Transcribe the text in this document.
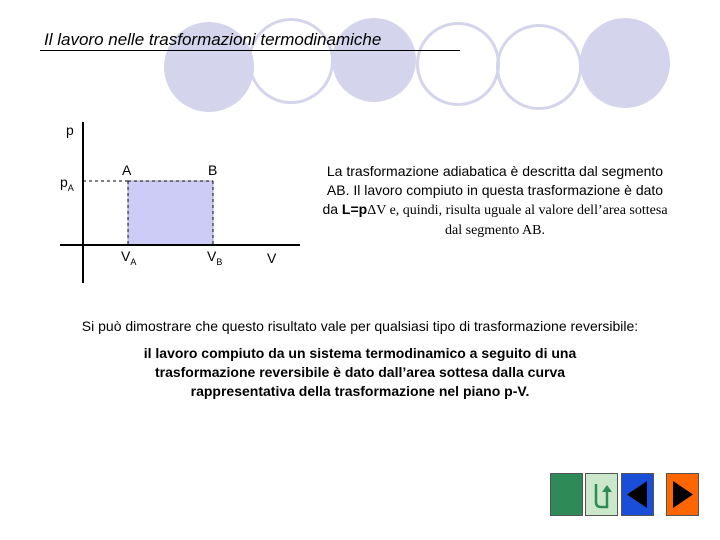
Il lavoro nelle trasformazioni termodinamiche
p
$p_A$
A	B
$V_A$	$V_B$	V
La trasformazione adiabatica è descritta dal segmento AB. Il lavoro compiuto in questa trasformazione è dato da L=pΔV e, quindi, risulta uguale al valore dell’area sottesa dal segmento AB.
Si può dimostrare che questo risultato vale per qualsiasi tipo di trasformazione reversibile:
il lavoro compiuto da un sistema termodinamico a seguito di una trasformazione reversibile è dato dall’area sottesa dalla curva rappresentativa della trasformazione nel piano p-V.
